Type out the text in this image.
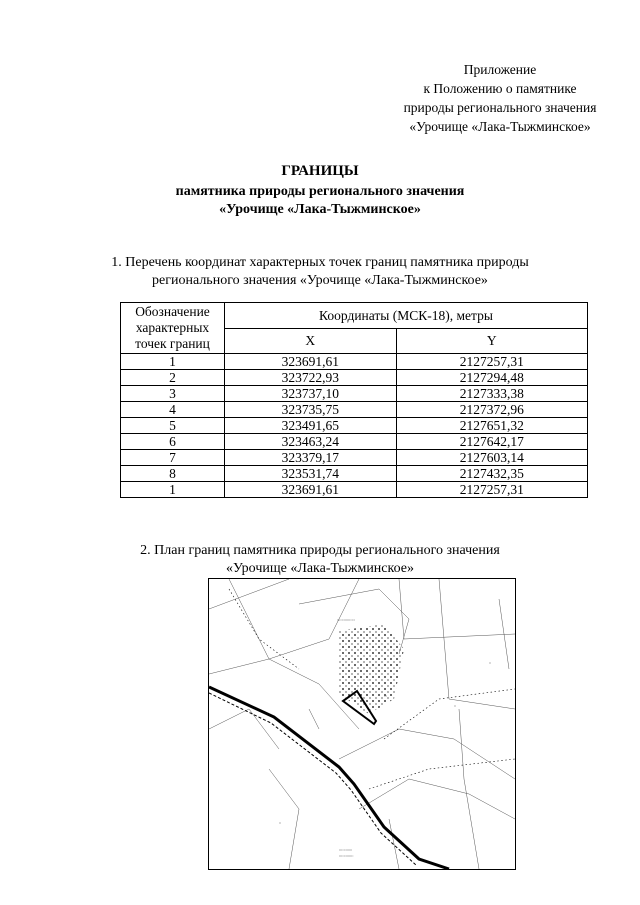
Приложение
к Положению о памятнике
природы регионального значения
«Урочище «Лака-Тыжминское»
ГРАНИЦЫ
памятника природы регионального значения
«Урочище «Лака-Тыжминское»
1. Перечень координат характерных точек границ памятника природы
регионального значения «Урочище «Лака-Тыжминское»
Обозначение
характерных
точек границ	Координаты (МСК-18), метры	
	X	Y
1	323691,61	2127257,31
2	323722,93	2127294,48
3	323737,10	2127333,38
4	323735,75	2127372,96
5	323491,65	2127651,32
6	323463,24	2127642,17
7	323379,17	2127603,14
8	323531,74	2127432,35
1	323691,61	2127257,31
2. План границ памятника природы регионального значения
«Урочище «Лака-Тыжминское»
::::::::::::::::
:::
::
::
::::::::::::
:::::::::::::
::
